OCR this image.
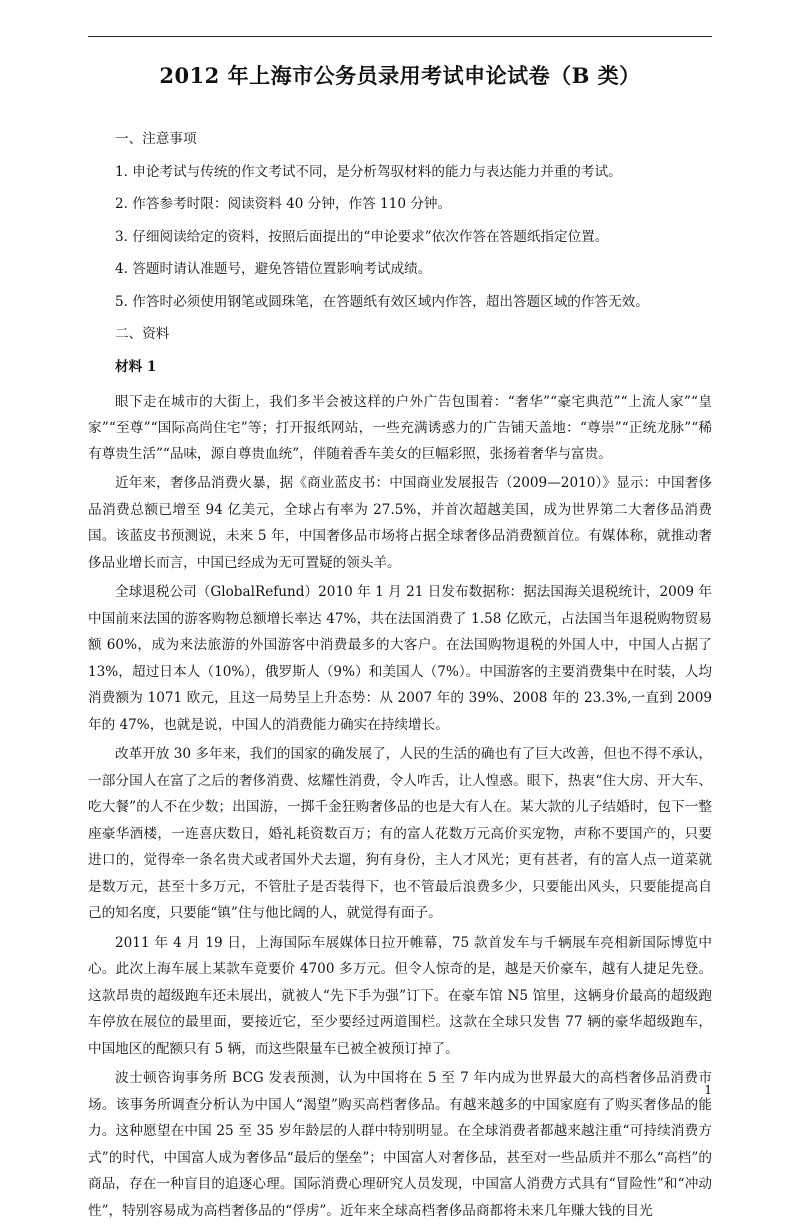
2012 年上海市公务员录用考试申论试卷（B 类）
一、注意事项
1. 申论考试与传统的作文考试不同，是分析驾驭材料的能力与表达能力并重的考试。
2. 作答参考时限：阅读资料 40 分钟，作答 110 分钟。
3. 仔细阅读给定的资料，按照后面提出的“申论要求”依次作答在答题纸指定位置。
4. 答题时请认准题号，避免答错位置影响考试成绩。
5. 作答时必须使用钢笔或圆珠笔，在答题纸有效区域内作答，超出答题区域的作答无效。
二、资料
材料 1

眼下走在城市的大街上，我们多半会被这样的户外广告包围着：“奢华”“豪宅典范”“上流人家”“皇家”“至尊”“国际高尚住宅”等；打开报纸网站，一些充满诱惑力的广告铺天盖地：“尊崇”“正统龙脉”“稀有尊贵生活”“品味，源自尊贵血统”，伴随着香车美女的巨幅彩照，张扬着奢华与富贵。

近年来，奢侈品消费火暴，据《商业蓝皮书：中国商业发展报告（2009—2010）》显示：中国奢侈品消费总额已增至 94 亿美元，全球占有率为 27.5%，并首次超越美国，成为世界第二大奢侈品消费国。该蓝皮书预测说，未来 5 年，中国奢侈品市场将占据全球奢侈品消费额首位。有媒体称，就推动奢侈品业增长而言，中国已经成为无可置疑的领头羊。

全球退税公司（GlobalRefund）2010 年 1 月 21 日发布数据称：据法国海关退税统计，2009 年中国前来法国的游客购物总额增长率达 47%，共在法国消费了 1.58 亿欧元，占法国当年退税购物贸易额 60%，成为来法旅游的外国游客中消费最多的大客户。在法国购物退税的外国人中，中国人占据了 13%，超过日本人（10%），俄罗斯人（9%）和美国人（7%）。中国游客的主要消费集中在时装，人均消费额为 1071 欧元，且这一局势呈上升态势：从 2007 年的 39%、2008 年的 23.3%,一直到 2009 年的 47%，也就是说，中国人的消费能力确实在持续增长。

改革开放 30 多年来，我们的国家的确发展了，人民的生活的确也有了巨大改善，但也不得不承认，一部分国人在富了之后的奢侈消费、炫耀性消费，令人咋舌，让人惶惑。眼下，热衷“住大房、开大车、吃大餐”的人不在少数；出国游，一掷千金狂购奢侈品的也是大有人在。某大款的儿子结婚时，包下一整座豪华酒楼，一连喜庆数日，婚礼耗资数百万；有的富人花数万元高价买宠物，声称不要国产的，只要进口的，觉得牵一条名贵犬或者国外犬去遛，狗有身份，主人才风光；更有甚者，有的富人点一道菜就是数万元，甚至十多万元，不管肚子是否装得下，也不管最后浪费多少，只要能出风头，只要能提高自己的知名度，只要能“镇”住与他比阔的人，就觉得有面子。

2011 年 4 月 19 日，上海国际车展媒体日拉开帷幕，75 款首发车与千辆展车亮相新国际博览中心。此次上海车展上某款车竟要价 4700 多万元。但令人惊奇的是，越是天价豪车，越有人捷足先登。这款昂贵的超级跑车还未展出，就被人“先下手为强”订下。在豪车馆 N5 馆里，这辆身价最高的超级跑车停放在展位的最里面，要接近它，至少要经过两道围栏。这款在全球只发售 77 辆的豪华超级跑车，中国地区的配额只有 5 辆，而这些限量车已被全被预订掉了。

波士顿咨询事务所 BCG 发表预测，认为中国将在 5 至 7 年内成为世界最大的高档奢侈品消费市场。该事务所调查分析认为中国人“渴望”购买高档奢侈品。有越来越多的中国家庭有了购买奢侈品的能力。这种愿望在中国 25 至 35 岁年龄层的人群中特别明显。在全球消费者都越来越注重“可持续消费方式”的时代，中国富人成为奢侈品“最后的堡垒”；中国富人对奢侈品，甚至对一些品质并不那么“高档”的商品，存在一种盲目的追逐心理。国际消费心理研究人员发现，中国富人消费方式具有“冒险性”和“冲动性”，特别容易成为高档奢侈品的“俘虏”。近年来全球高档奢侈品商都将未来几年赚大钱的目光

1
